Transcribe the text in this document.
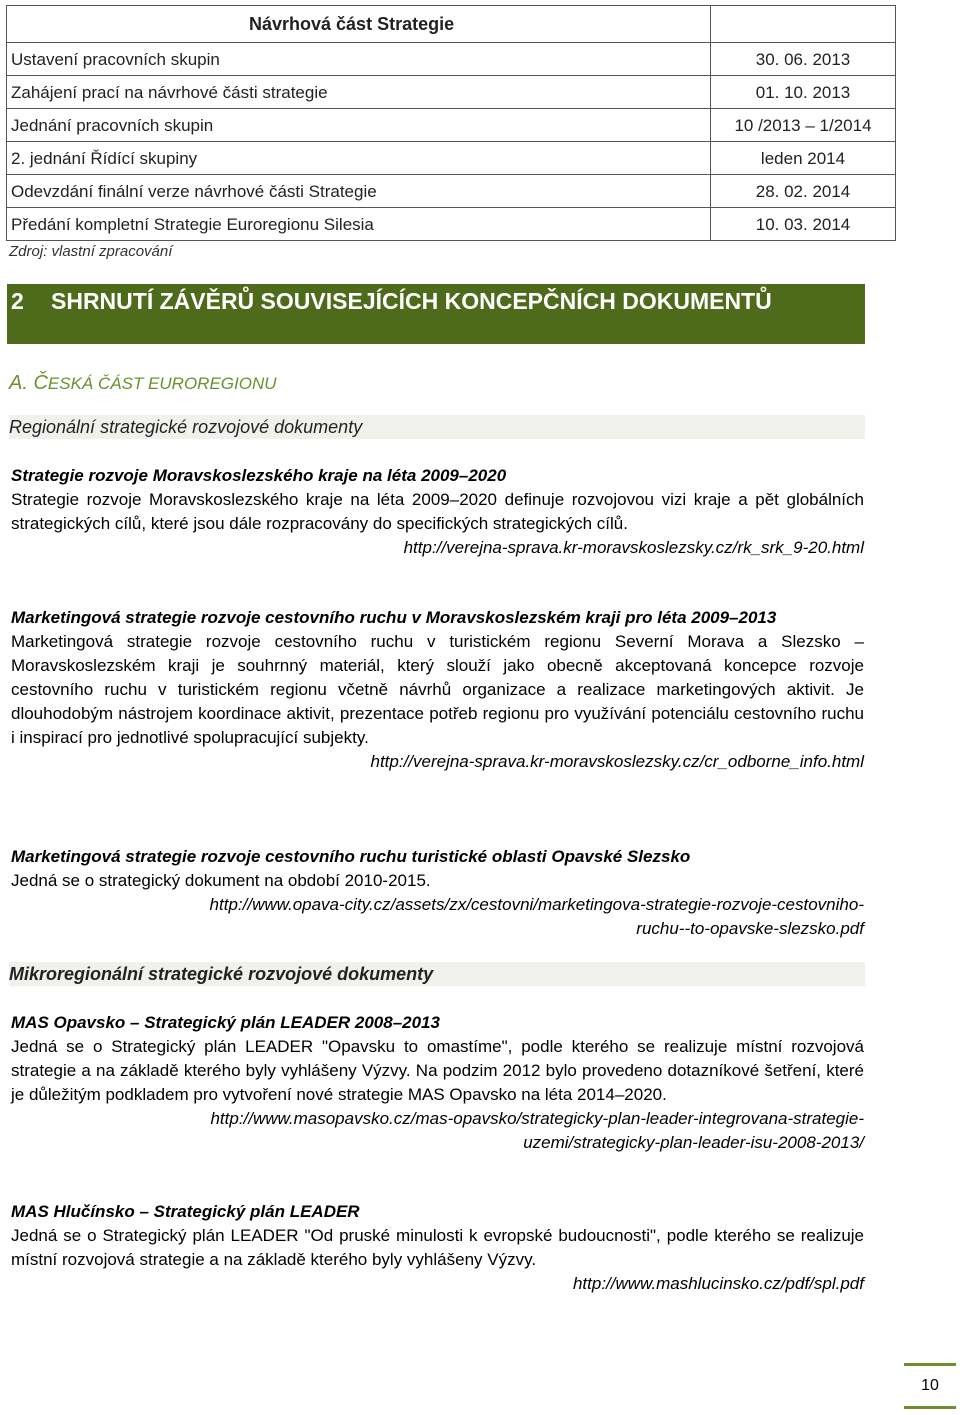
Návrhová část Strategie	
Ustavení pracovních skupin	30. 06. 2013
Zahájení prací na návrhové části strategie	01. 10. 2013
Jednání pracovních skupin	10 /2013 – 1/2014
2. jednání Řídící skupiny	leden 2014
Odevzdání finální verze návrhové části Strategie	28. 02. 2014
Předání kompletní Strategie Euroregionu Silesia	10. 03. 2014
Zdroj: vlastní zpracování
2 SHRNUTÍ ZÁVĚRŮ SOUVISEJÍCÍCH KONCEPČNÍCH DOKUMENTŮ
A. ČESKÁ ČÁST EUROREGIONU
Regionální strategické rozvojové dokumenty
Strategie rozvoje Moravskoslezského kraje na léta 2009–2020

Strategie rozvoje Moravskoslezského kraje na léta 2009–2020 definuje rozvojovou vizi kraje a pět globálních strategických cílů, které jsou dále rozpracovány do specifických strategických cílů.

http://verejna-sprava.kr-moravskoslezsky.cz/rk_srk_9-20.html
Marketingová strategie rozvoje cestovního ruchu v Moravskoslezském kraji pro léta 2009–2013

Marketingová strategie rozvoje cestovního ruchu v turistickém regionu Severní Morava a Slezsko – Moravskoslezském kraji je souhrnný materiál, který slouží jako obecně akceptovaná koncepce rozvoje cestovního ruchu v turistickém regionu včetně návrhů organizace a realizace marketingových aktivit. Je dlouhodobým nástrojem koordinace aktivit, prezentace potřeb regionu pro využívání potenciálu cestovního ruchu i inspirací pro jednotlivé spolupracující subjekty.

http://verejna-sprava.kr-moravskoslezsky.cz/cr_odborne_info.html
Marketingová strategie rozvoje cestovního ruchu turistické oblasti Opavské Slezsko

Jedná se o strategický dokument na období 2010-2015.

http://www.opava-city.cz/assets/zx/cestovni/marketingova-strategie-rozvoje-cestovniho-
ruchu--to-opavske-slezsko.pdf
Mikroregionální strategické rozvojové dokumenty
MAS Opavsko – Strategický plán LEADER 2008–2013

Jedná se o Strategický plán LEADER "Opavsku to omastíme", podle kterého se realizuje místní rozvojová strategie a na základě kterého byly vyhlášeny Výzvy. Na podzim 2012 bylo provedeno dotazníkové šetření, které je důležitým podkladem pro vytvoření nové strategie MAS Opavsko na léta 2014–2020.

http://www.masopavsko.cz/mas-opavsko/strategicky-plan-leader-integrovana-strategie-
uzemi/strategicky-plan-leader-isu-2008-2013/
MAS Hlučínsko – Strategický plán LEADER

Jedná se o Strategický plán LEADER "Od pruské minulosti k evropské budoucnosti", podle kterého se realizuje místní rozvojová strategie a na základě kterého byly vyhlášeny Výzvy.

http://www.mashlucinsko.cz/pdf/spl.pdf
10
